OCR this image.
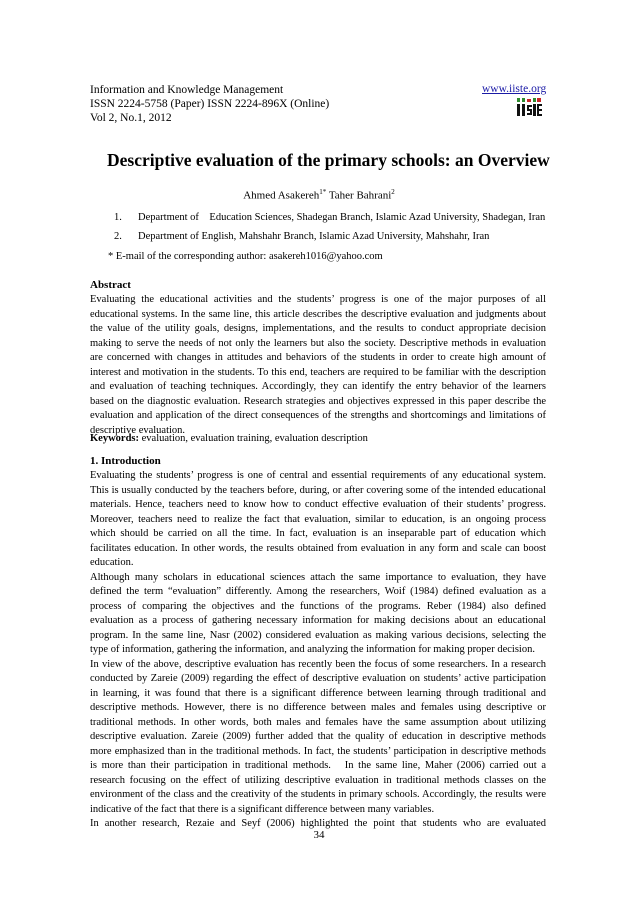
Information and Knowledge Management
ISSN 2224-5758 (Paper) ISSN 2224-896X (Online)
Vol 2, No.1, 2012
www.iiste.org
Descriptive evaluation of the primary schools: an Overview
Ahmed Asakereh$^{1*}$ Taher Bahrani$^2$
1. Department of    Education Sciences, Shadegan Branch, Islamic Azad University, Shadegan, Iran
2. Department of English, Mahshahr Branch, Islamic Azad University, Mahshahr, Iran
* E-mail of the corresponding author: asakereh1016@yahoo.com
Abstract
Evaluating the educational activities and the students’ progress is one of the major purposes of all
educational systems. In the same line, this article describes the descriptive evaluation and judgments about
the value of the utility goals, designs, implementations, and the results to conduct appropriate decision
making to serve the needs of not only the learners but also the society. Descriptive methods in evaluation
are concerned with changes in attitudes and behaviors of the students in order to create high amount of
interest and motivation in the students. To this end, teachers are required to be familiar with the description
and evaluation of teaching techniques. Accordingly, they can identify the entry behavior of the learners
based on the diagnostic evaluation. Research strategies and objectives expressed in this paper describe the
evaluation and application of the direct consequences of the strengths and shortcomings and limitations of
descriptive evaluation.
Keywords: evaluation, evaluation training, evaluation description
1. Introduction
Evaluating the students’ progress is one of central and essential requirements of any educational system.
This is usually conducted by the teachers before, during, or after covering some of the intended educational
materials. Hence, teachers need to know how to conduct effective evaluation of their students’ progress.
Moreover, teachers need to realize the fact that evaluation, similar to education, is an ongoing process
which should be carried on all the time. In fact, evaluation is an inseparable part of education which
facilitates education. In other words, the results obtained from evaluation in any form and scale can boost
education.
Although many scholars in educational sciences attach the same importance to evaluation, they have
defined the term “evaluation” differently. Among the researchers, Woif (1984) defined evaluation as a
process of comparing the objectives and the functions of the programs. Reber (1984) also defined
evaluation as a process of gathering necessary information for making decisions about an educational
program. In the same line, Nasr (2002) considered evaluation as making various decisions, selecting the
type of information, gathering the information, and analyzing the information for making proper decision.
In view of the above, descriptive evaluation has recently been the focus of some researchers. In a research
conducted by Zareie (2009) regarding the effect of descriptive evaluation on students’ active participation
in learning, it was found that there is a significant difference between learning through traditional and
descriptive methods. However, there is no difference between males and females using descriptive or
traditional methods. In other words, both males and females have the same assumption about utilizing
descriptive evaluation. Zareie (2009) further added that the quality of education in descriptive methods
more emphasized than in the traditional methods. In fact, the students’ participation in descriptive methods
is more than their participation in traditional methods.   In the same line, Maher (2006) carried out a
research focusing on the effect of utilizing descriptive evaluation in traditional methods classes on the
environment of the class and the creativity of the students in primary schools. Accordingly, the results were
indicative of the fact that there is a significant difference between many variables.
In another research, Rezaie and Seyf (2006) highlighted the point that students who are evaluated
34
